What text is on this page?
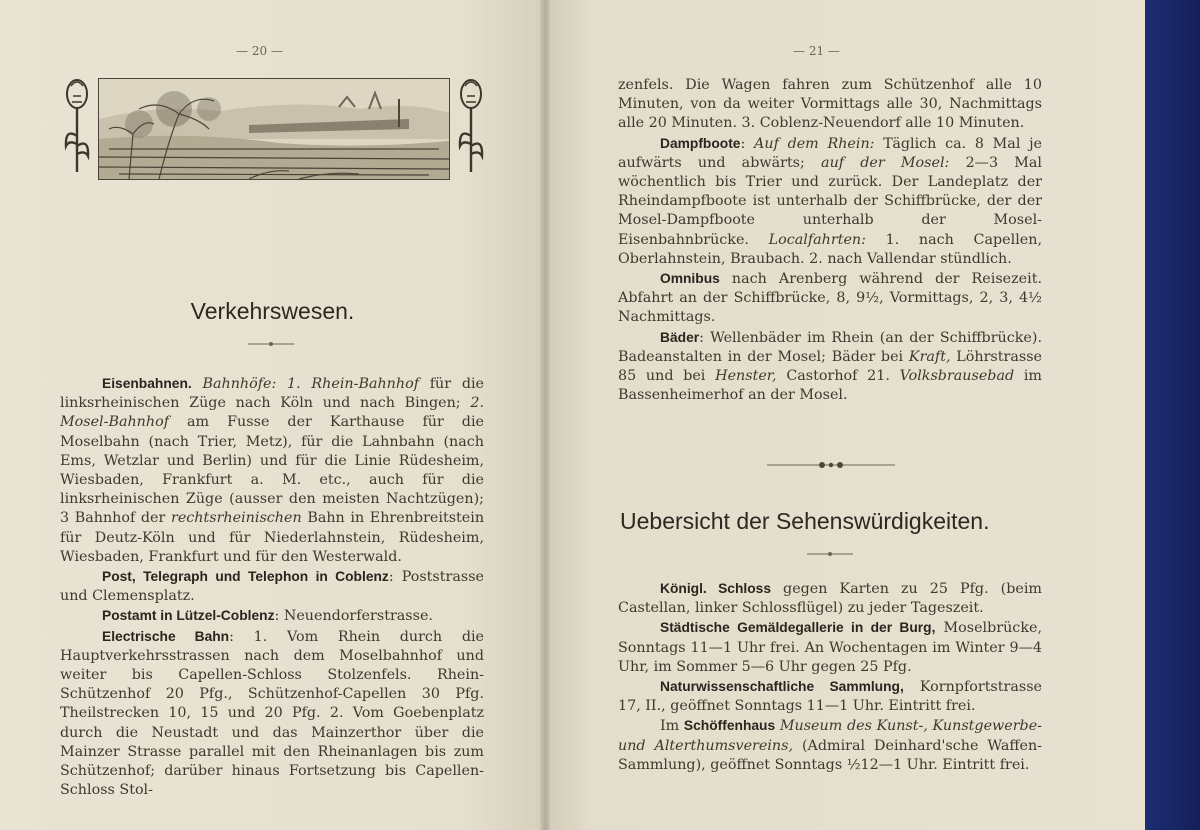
— 20 —
Verkehrswesen.

Eisenbahnen. Bahnhöfe: 1. Rhein-Bahnhof für die linksrheinischen Züge nach Köln und nach Bingen; 2. Mosel-Bahnhof am Fusse der Karthause für die Moselbahn (nach Trier, Metz), für die Lahnbahn (nach Ems, Wetzlar und Berlin) und für die Linie Rüdesheim, Wiesbaden, Frankfurt a. M. etc., auch für die linksrheinischen Züge (ausser den meisten Nachtzügen); 3 Bahnhof der rechtsrheinischen Bahn in Ehrenbreitstein für Deutz-Köln und für Niederlahnstein, Rüdesheim, Wiesbaden, Frankfurt und für den Westerwald.

Post, Telegraph und Telephon in Coblenz: Poststrasse und Clemensplatz.

Postamt in Lützel-Coblenz: Neuendorferstrasse.

Electrische Bahn: 1. Vom Rhein durch die Hauptverkehrsstrassen nach dem Moselbahnhof und weiter bis Capellen-Schloss Stolzenfels. Rhein-Schützenhof 20 Pfg., Schützenhof-Capellen 30 Pfg. Theilstrecken 10, 15 und 20 Pfg. 2. Vom Goebenplatz durch die Neustadt und das Mainzerthor über die Mainzer Strasse parallel mit den Rheinanlagen bis zum Schützenhof; darüber hinaus Fortsetzung bis Capellen-Schloss Stol-

— 21 —

zenfels. Die Wagen fahren zum Schützenhof alle 10 Minuten, von da weiter Vormittags alle 30, Nachmittags alle 20 Minuten. 3. Coblenz-Neuendorf alle 10 Minuten.

Dampfboote: Auf dem Rhein: Täglich ca. 8 Mal je aufwärts und abwärts; auf der Mosel: 2—3 Mal wöchentlich bis Trier und zurück. Der Landeplatz der Rheindampfboote ist unterhalb der Schiffbrücke, der der Mosel-Dampfboote unterhalb der Mosel-Eisenbahnbrücke. Localfahrten: 1. nach Capellen, Oberlahnstein, Braubach. 2. nach Vallendar stündlich.

Omnibus nach Arenberg während der Reisezeit. Abfahrt an der Schiffbrücke, 8, 9½, Vormittags, 2, 3, 4½ Nachmittags.

Bäder: Wellenbäder im Rhein (an der Schiffbrücke). Badeanstalten in der Mosel; Bäder bei Kraft, Löhrstrasse 85 und bei Henster, Castorhof 21. Volksbrausebad im Bassenheimerhof an der Mosel.

Uebersicht der Sehenswürdigkeiten.

Königl. Schloss gegen Karten zu 25 Pfg. (beim Castellan, linker Schlossflügel) zu jeder Tageszeit.

Städtische Gemäldegallerie in der Burg, Moselbrücke, Sonntags 11—1 Uhr frei. An Wochentagen im Winter 9—4 Uhr, im Sommer 5—6 Uhr gegen 25 Pfg.

Naturwissenschaftliche Sammlung, Kornpfortstrasse 17, II., geöffnet Sonntags 11—1 Uhr. Eintritt frei.

Im Schöffenhaus Museum des Kunst-, Kunstgewerbe- und Alterthumsvereins, (Admiral Deinhard'sche Waffen-Sammlung), geöffnet Sonntags ½12—1 Uhr. Eintritt frei.
